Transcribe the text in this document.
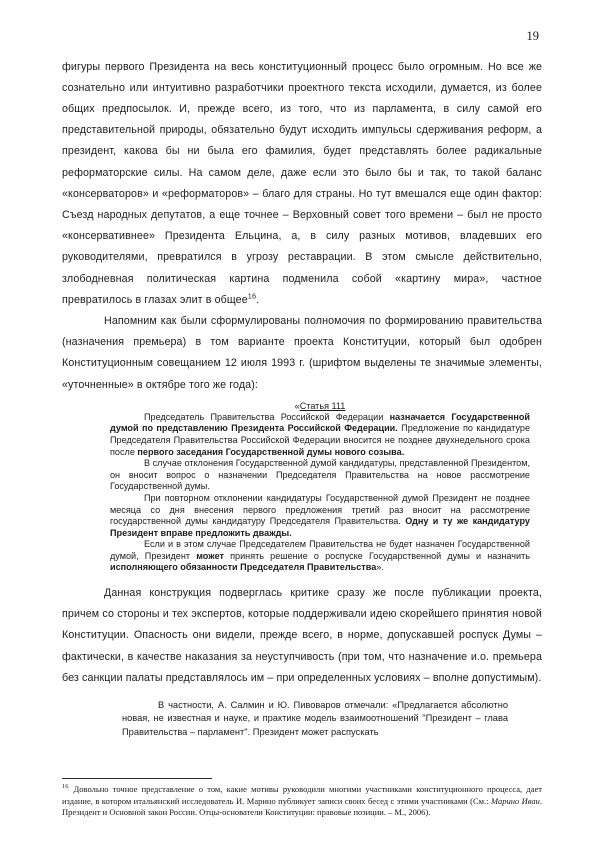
19

фигуры первого Президента на весь конституционный процесс было огромным. Но все же сознательно или интуитивно разработчики проектного текста исходили, думается, из более общих предпосылок. И, прежде всего, из того, что из парламента, в силу самой его представительной природы, обязательно будут исходить импульсы сдерживания реформ, а президент, какова бы ни была его фамилия, будет представлять более радикальные реформаторские силы. На самом деле, даже если это было бы и так, то такой баланс «консерваторов» и «реформаторов» – благо для страны. Но тут вмешался еще один фактор: Съезд народных депутатов, а еще точнее – Верховный совет того времени – был не просто «консервативнее» Президента Ельцина, а, в силу разных мотивов, владевших его руководителями, превратился в угрозу реставрации. В этом смысле действительно, злободневная политическая картина подменила собой «картину мира», частное превратилось в глазах элит в общее$^{16}$.

Напомним как были сформулированы полномочия по формированию правительства (назначения премьера) в том варианте проекта Конституции, который был одобрен Конституционным совещанием 12 июля 1993 г. (шрифтом выделены те значимые элементы, «уточненные» в октябре того же года):

«Статья 111

Председатель Правительства Российской Федерации назначается Государственной думой по представлению Президента Российской Федерации. Предложение по кандидатуре Председателя Правительства Российской Федерации вносится не позднее двухнедельного срока после первого заседания Государственной думы нового созыва.

В случае отклонения Государственной думой кандидатуры, представленной Президентом, он вносит вопрос о назначении Председателя Правительства на новое рассмотрение Государственной думы.

При повторном отклонении кандидатуры Государственной думой Президент не позднее месяца со дня внесения первого предложения третий раз вносит на рассмотрение государственной думы кандидатуру Председателя Правительства. Одну и ту же кандидатуру Президент вправе предложить дважды.

Если и в этом случае Председателем Правительства не будет назначен Государственной думой, Президент может принять решение о роспуске Государственной думы и назначить исполняющего обязанности Председателя Правительства».

Данная конструкция подверглась критике сразу же после публикации проекта, причем со стороны и тех экспертов, которые поддерживали идею скорейшего принятия новой Конституции. Опасность они видели, прежде всего, в норме, допускавшей роспуск Думы – фактически, в качестве наказания за неуступчивость (при том, что назначение и.о. премьера без санкции палаты представлялось им – при определенных условиях – вполне допустимым).

В частности, А. Салмин и Ю. Пивоваров отмечали: «Предлагается абсолютно новая, не известная и науке, и практике модель взаимоотношений "Президент – глава Правительства – парламент". Президент может распускать

$^{16}$ Довольно точное представление о том, какие мотивы руководили многими участниками конституционного процесса, дает издание, в котором итальянский исследователь И. Марино публикует записи своих бесед с этими участниками (См.: Марино Иван. Президент и Основной закон России. Отцы-основатели Конституции: правовые позиции. – М., 2006).
